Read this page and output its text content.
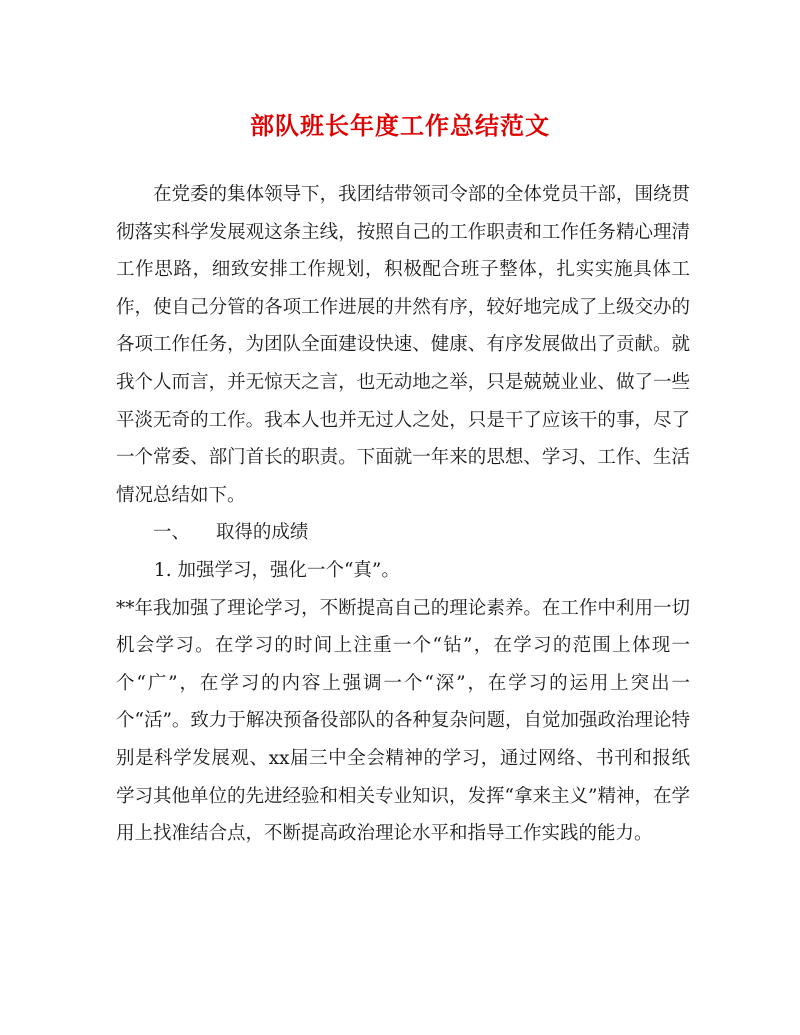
部队班长年度工作总结范文

在党委的集体领导下，我团结带领司令部的全体党员干部，围绕贯彻落实科学发展观这条主线，按照自己的工作职责和工作任务精心理清工作思路，细致安排工作规划，积极配合班子整体，扎实实施具体工作，使自己分管的各项工作进展的井然有序，较好地完成了上级交办的各项工作任务，为团队全面建设快速、健康、有序发展做出了贡献。就我个人而言，并无惊天之言，也无动地之举，只是兢兢业业、做了一些平淡无奇的工作。我本人也并无过人之处，只是干了应该干的事，尽了一个常委、部门首长的职责。下面就一年来的思想、学习、工作、生活情况总结如下。

一、 取得的成绩

1. 加强学习，强化一个“真”。

**年我加强了理论学习，不断提高自己的理论素养。在工作中利用一切机会学习。在学习的时间上注重一个“钻”，在学习的范围上体现一个“广”，在学习的内容上强调一个“深”，在学习的运用上突出一个“活”。致力于解决预备役部队的各种复杂问题，自觉加强政治理论特别是科学发展观、xx届三中全会精神的学习，通过网络、书刊和报纸学习其他单位的先进经验和相关专业知识，发挥“拿来主义”精神，在学用上找准结合点，不断提高政治理论水平和指导工作实践的能力。
